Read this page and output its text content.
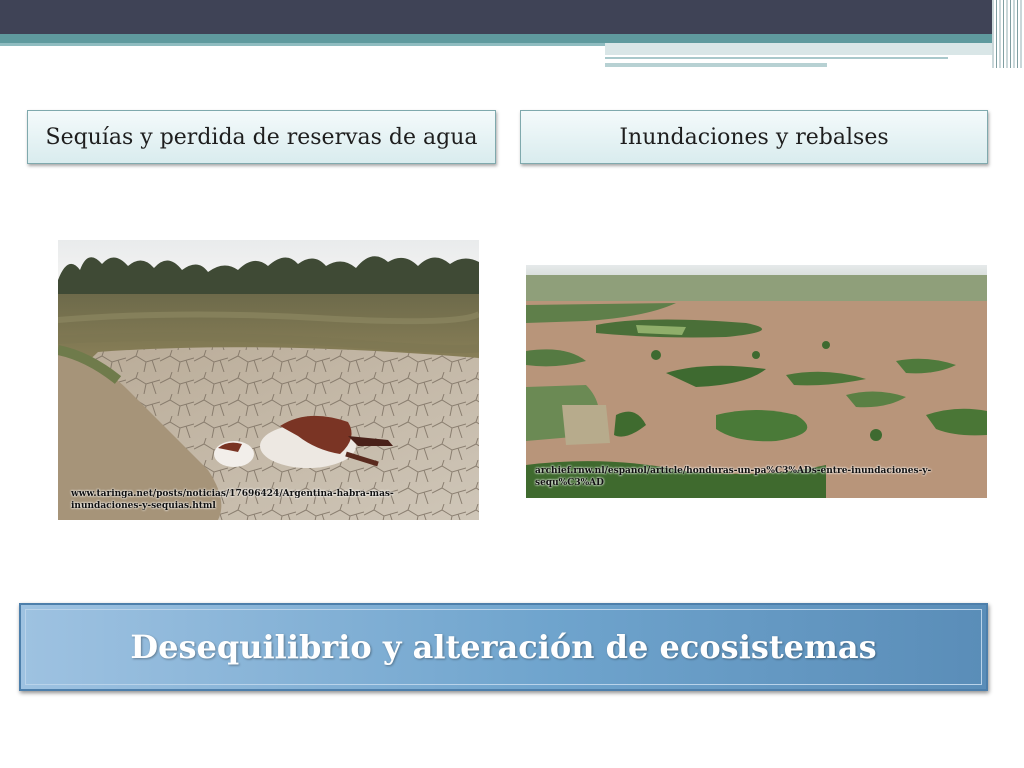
Sequías y perdida de reservas de agua	Inundaciones y rebalses
www.taringa.net/posts/noticias/17696424/Argentina-habra-mas-inundaciones-y-sequias.html
archief.rnw.nl/espanol/article/honduras-un-pa%C3%ADs-entre-inundaciones-y-sequ%C3%AD
Desequilibrio y alteración de ecosistemas
